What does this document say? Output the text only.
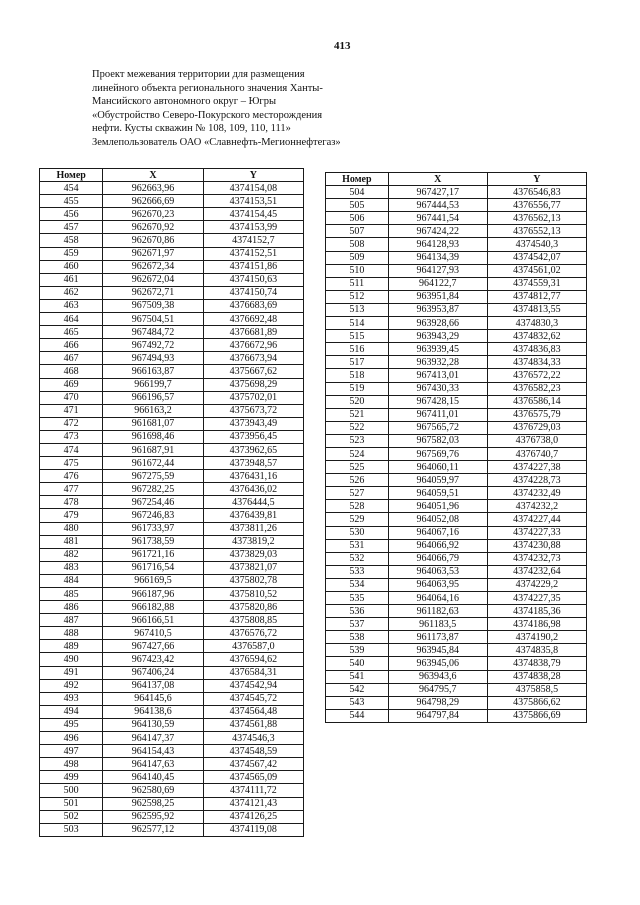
413
Проект межевания территории для размещения
линейного объекта регионального значения Ханты-
Мансийского автономного округ – Югры
«Обустройство Северо-Покурского месторождения
нефти. Кусты скважин № 108, 109, 110, 111»
Землепользователь ОАО «Славнефть-Мегионнефтегаз»
Номер	X	Y
454	962663,96	4374154,08
455	962666,69	4374153,51
456	962670,23	4374154,45
457	962670,92	4374153,99
458	962670,86	4374152,7
459	962671,97	4374152,51
460	962672,34	4374151,86
461	962672,04	4374150,63
462	962672,71	4374150,74
463	967509,38	4376683,69
464	967504,51	4376692,48
465	967484,72	4376681,89
466	967492,72	4376672,96
467	967494,93	4376673,94
468	966163,87	4375667,62
469	966199,7	4375698,29
470	966196,57	4375702,01
471	966163,2	4375673,72
472	961681,07	4373943,49
473	961698,46	4373956,45
474	961687,91	4373962,65
475	961672,44	4373948,57
476	967275,59	4376431,16
477	967282,25	4376436,02
478	967254,46	4376444,5
479	967246,83	4376439,81
480	961733,97	4373811,26
481	961738,59	4373819,2
482	961721,16	4373829,03
483	961716,54	4373821,07
484	966169,5	4375802,78
485	966187,96	4375810,52
486	966182,88	4375820,86
487	966166,51	4375808,85
488	967410,5	4376576,72
489	967427,66	4376587,0
490	967423,42	4376594,62
491	967406,24	4376584,31
492	964137,08	4374542,94
493	964145,6	4374545,72
494	964138,6	4374564,48
495	964130,59	4374561,88
496	964147,37	4374546,3
497	964154,43	4374548,59
498	964147,63	4374567,42
499	964140,45	4374565,09
500	962580,69	4374111,72
501	962598,25	4374121,43
502	962595,92	4374126,25
503	962577,12	4374119,08
Номер	X	Y
504	967427,17	4376546,83
505	967444,53	4376556,77
506	967441,54	4376562,13
507	967424,22	4376552,13
508	964128,93	4374540,3
509	964134,39	4374542,07
510	964127,93	4374561,02
511	964122,7	4374559,31
512	963951,84	4374812,77
513	963953,87	4374813,55
514	963928,66	4374830,3
515	963943,29	4374832,62
516	963939,45	4374836,83
517	963932,28	4374834,33
518	967413,01	4376572,22
519	967430,33	4376582,23
520	967428,15	4376586,14
521	967411,01	4376575,79
522	967565,72	4376729,03
523	967582,03	4376738,0
524	967569,76	4376740,7
525	964060,11	4374227,38
526	964059,97	4374228,73
527	964059,51	4374232,49
528	964051,96	4374232,2
529	964052,08	4374227,44
530	964067,16	4374227,33
531	964066,92	4374230,88
532	964066,79	4374232,73
533	964063,53	4374232,64
534	964063,95	4374229,2
535	964064,16	4374227,35
536	961182,63	4374185,36
537	961183,5	4374186,98
538	961173,87	4374190,2
539	963945,84	4374835,8
540	963945,06	4374838,79
541	963943,6	4374838,28
542	964795,7	4375858,5
543	964798,29	4375866,62
544	964797,84	4375866,69
